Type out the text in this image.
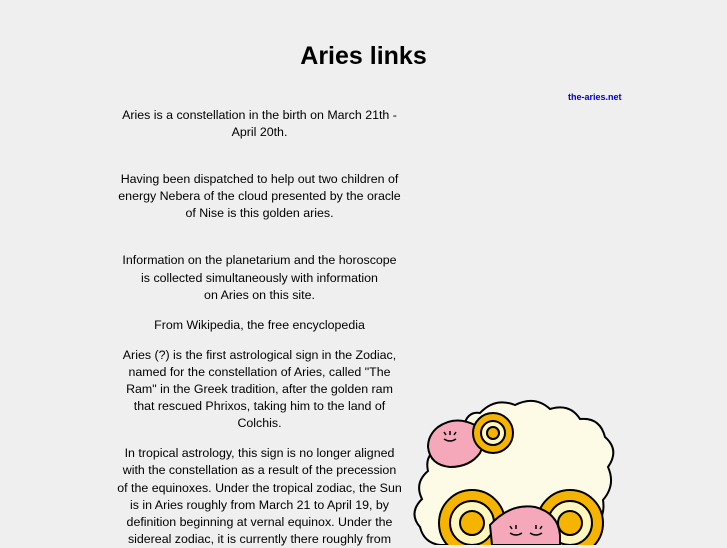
Aries links
the-aries.net

Aries is a constellation in the birth on March 21th -
April 20th.

Having been dispatched to help out two children of
energy Nebera of the cloud presented by the oracle
of Nise is this golden aries.

Information on the planetarium and the horoscope
is collected simultaneously with information
on Aries on this site.

From Wikipedia, the free encyclopedia

Aries (?) is the first astrological sign in the Zodiac,
named for the constellation of Aries, called "The
Ram" in the Greek tradition, after the golden ram
that rescued Phrixos, taking him to the land of
Colchis.

In tropical astrology, this sign is no longer aligned
with the constellation as a result of the precession
of the equinoxes. Under the tropical zodiac, the Sun
is in Aries roughly from March 21 to April 19, by
definition beginning at vernal equinox. Under the
sidereal zodiac, it is currently there roughly from
